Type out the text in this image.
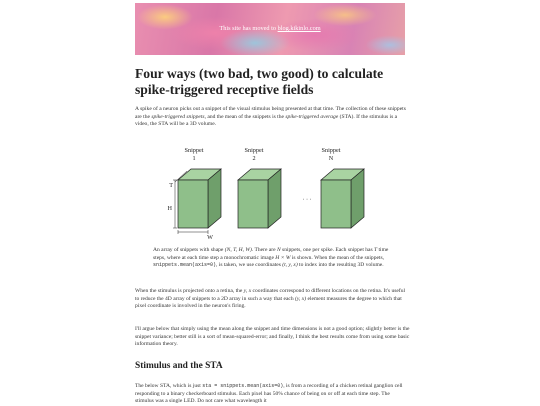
This site has moved to blog.kikinlo.com
Four ways (two bad, two good) to calculate spike-triggered receptive fields

A spike of a neuron picks out a snippet of the visual stimulus being presented at that time. The collection of these snippets are the spike-triggered snippets, and the mean of the snippets is the spike-triggered average (STA). If the stimulus is a video, the STA will be a 3D volume.

Snippet
1
T
H
W
Snippet
2
· · ·
Snippet
N

An array of snippets with shape (N, T, H, W). There are N snippets, one per spike. Each snippet has T time steps, where at each time step a monochromatic image H × W is shown. When the mean of the snippets, snippets.mean(axis=0), is taken, we use coordinates (t, y, x) to index into the resulting 3D volume.

When the stimulus is projected onto a retina, the y, x coordinates correspond to different locations on the retina. It's useful to reduce the 4D array of snippets to a 2D array in such a way that each (y, x) element measures the degree to which that pixel coordinate is involved in the neuron's firing.

I'll argue below that simply using the mean along the snippet and time dimensions is not a good option; slightly better is the snippet variance; better still is a sort of mean-squared-error; and finally, I think the best results come from using some basic information theory.

Stimulus and the STA

The below STA, which is just sta = snippets.mean(axis=0), is from a recording of a chicken retinal ganglion cell responding to a binary checkerboard stimulus. Each pixel has 50% chance of being on or off at each time step. The stimulus was a single LED. Do not care what wavelength it
